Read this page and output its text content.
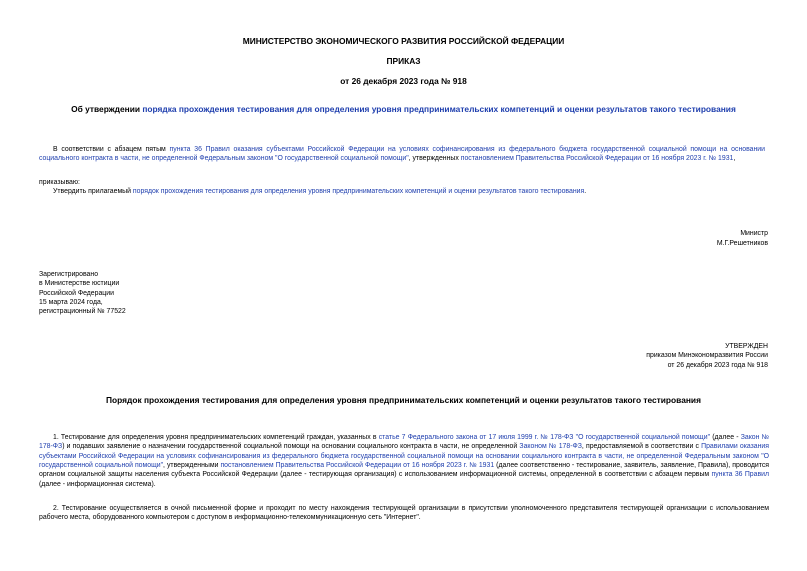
МИНИСТЕРСТВО ЭКОНОМИЧЕСКОГО РАЗВИТИЯ РОССИЙСКОЙ ФЕДЕРАЦИИ
ПРИКАЗ
от 26 декабря 2023 года № 918
Об утверждении порядка прохождения тестирования для определения уровня предпринимательских компетенций и оценки результатов такого тестирования
В соответствии с абзацем пятым пункта 36 Правил оказания субъектами Российской Федерации на условиях софинансирования из федерального бюджета государственной социальной помощи на основании социального контракта в части, не определенной Федеральным законом "О государственной социальной помощи", утвержденных постановлением Правительства Российской Федерации от 16 ноября 2023 г. № 1931,
приказываю:
Утвердить прилагаемый порядок прохождения тестирования для определения уровня предпринимательских компетенций и оценки результатов такого тестирования.
Министр
М.Г.Решетников
Зарегистрировано
в Министерстве юстиции
Российской Федерации
15 марта 2024 года,
регистрационный № 77522
УТВЕРЖДЕН
приказом Минэкономразвития России
от 26 декабря 2023 года № 918
Порядок прохождения тестирования для определения уровня предпринимательских компетенций и оценки результатов такого тестирования
1. Тестирование для определения уровня предпринимательских компетенций граждан, указанных в статье 7 Федерального закона от 17 июля 1999 г. № 178-ФЗ "О государственной социальной помощи" (далее - Закон № 178-ФЗ) и подавших заявление о назначении государственной социальной помощи на основании социального контракта в части, не определенной Законом № 178-ФЗ, предоставляемой в соответствии с Правилами оказания субъектами Российской Федерации на условиях софинансирования из федерального бюджета государственной социальной помощи на основании социального контракта в части, не определенной Федеральным законом "О государственной социальной помощи", утвержденными постановлением Правительства Российской Федерации от 16 ноября 2023 г. № 1931 (далее соответственно - тестирование, заявитель, заявление, Правила), проводится органом социальной защиты населения субъекта Российской Федерации (далее - тестирующая организация) с использованием информационной системы, определенной в соответствии с абзацем первым пункта 36 Правил (далее - информационная система).
2. Тестирование осуществляется в очной письменной форме и проходит по месту нахождения тестирующей организации в присутствии уполномоченного представителя тестирующей организации с использованием рабочего места, оборудованного компьютером с доступом в информационно-телекоммуникационную сеть "Интернет".
